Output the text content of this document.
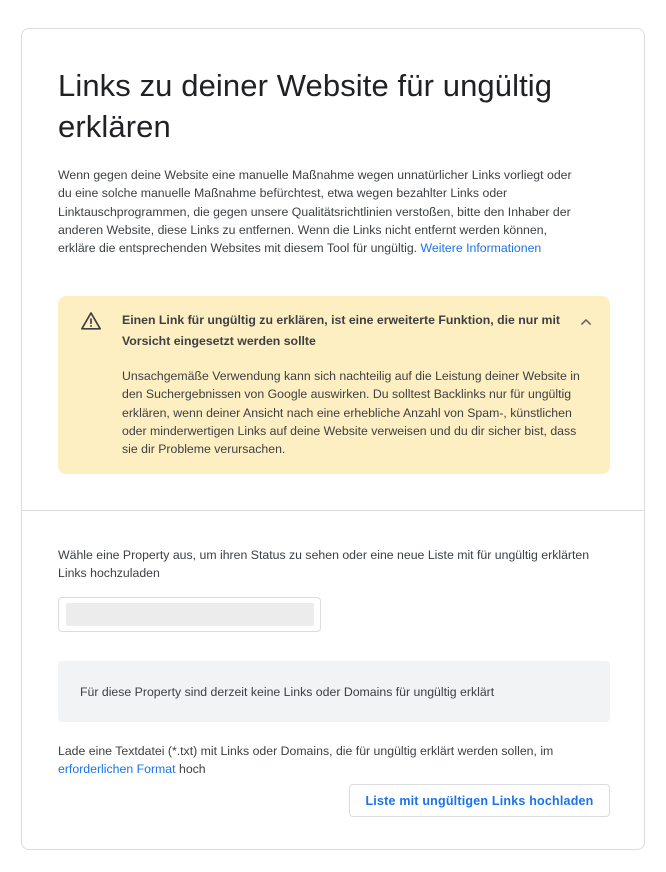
Links zu deiner Website für ungültig erklären

Wenn gegen deine Website eine manuelle Maßnahme wegen unnatürlicher Links vorliegt oder du eine solche manuelle Maßnahme befürchtest, etwa wegen bezahlter Links oder Linktauschprogrammen, die gegen unsere Qualitätsrichtlinien verstoßen, bitte den Inhaber der anderen Website, diese Links zu entfernen. Wenn die Links nicht entfernt werden können, erkläre die entsprechenden Websites mit diesem Tool für ungültig. Weitere Informationen

Einen Link für ungültig zu erklären, ist eine erweiterte Funktion, die nur mit Vorsicht eingesetzt werden sollte

Unsachgemäße Verwendung kann sich nachteilig auf die Leistung deiner Website in den Suchergebnissen von Google auswirken. Du solltest Backlinks nur für ungültig erklären, wenn deiner Ansicht nach eine erhebliche Anzahl von Spam-, künstlichen oder minderwertigen Links auf deine Website verweisen und du dir sicher bist, dass sie dir Probleme verursachen.

Wähle eine Property aus, um ihren Status zu sehen oder eine neue Liste mit für ungültig erklärten Links hochzuladen

Für diese Property sind derzeit keine Links oder Domains für ungültig erklärt

Lade eine Textdatei (*.txt) mit Links oder Domains, die für ungültig erklärt werden sollen, im erforderlichen Format hoch

Liste mit ungültigen Links hochladen
